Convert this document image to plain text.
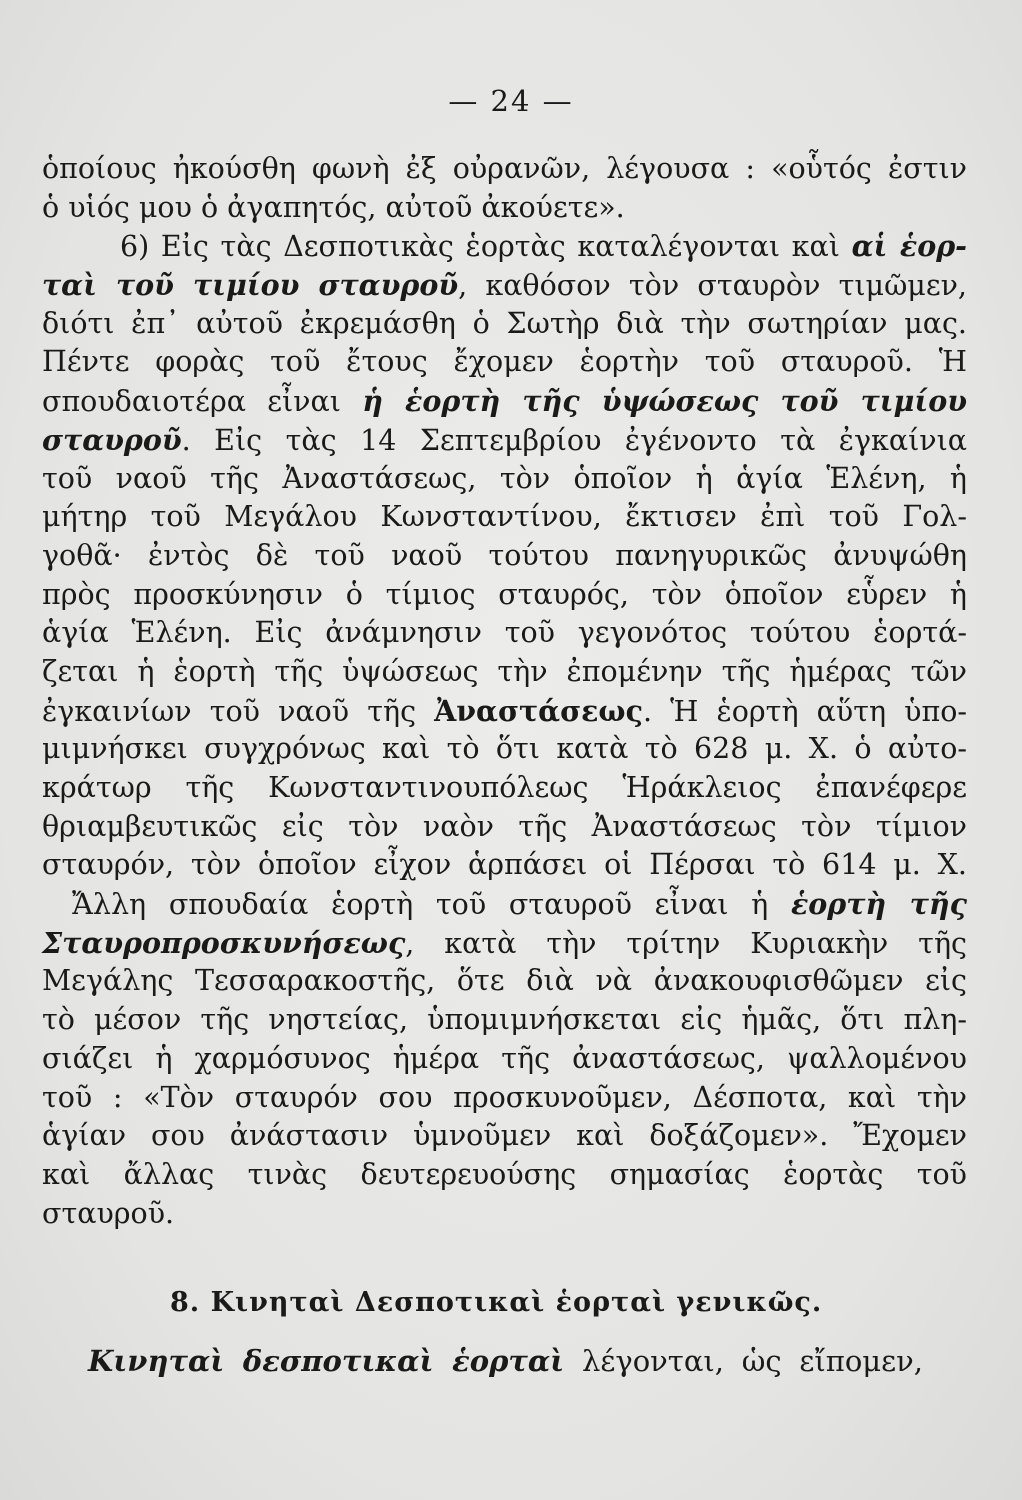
— 24 —
ὁποίους ἠκούσθη φωνὴ ἐξ οὐρανῶν, λέγουσα : «οὗτός ἐστιν
ὁ υἱός μου ὁ ἀγαπητός, αὐτοῦ ἀκούετε».
6) Εἰς τὰς Δεσποτικὰς ἑορτὰς καταλέγονται καὶ αἱ ἑορ-
ταὶ τοῦ τιμίου σταυροῦ, καθόσον τὸν σταυρὸν τιμῶμεν,
διότι ἐπ᾽ αὐτοῦ ἐκρεμάσθη ὁ Σωτὴρ διὰ τὴν σωτηρίαν μας.
Πέντε φορὰς τοῦ ἔτους ἔχομεν ἑορτὴν τοῦ σταυροῦ. Ἡ
σπουδαιοτέρα εἶναι ἡ ἑορτὴ τῆς ὑψώσεως τοῦ τιμίου
σταυροῦ. Εἰς τὰς 14 Σεπτεμβρίου ἐγένοντο τὰ ἐγκαίνια
τοῦ ναοῦ τῆς Ἀναστάσεως, τὸν ὁποῖον ἡ ἁγία Ἑλένη, ἡ
μήτηρ τοῦ Μεγάλου Κωνσταντίνου, ἔκτισεν ἐπὶ τοῦ Γολ-
γοθᾶ· ἐντὸς δὲ τοῦ ναοῦ τούτου πανηγυρικῶς ἀνυψώθη
πρὸς προσκύνησιν ὁ τίμιος σταυρός, τὸν ὁποῖον εὗρεν ἡ
ἁγία Ἑλένη. Εἰς ἀνάμνησιν τοῦ γεγονότος τούτου ἑορτά-
ζεται ἡ ἑορτὴ τῆς ὑψώσεως τὴν ἐπομένην τῆς ἡμέρας τῶν
ἐγκαινίων τοῦ ναοῦ τῆς Ἀναστάσεως. Ἡ ἑορτὴ αὕτη ὑπο-
μιμνήσκει συγχρόνως καὶ τὸ ὅτι κατὰ τὸ 628 μ. Χ. ὁ αὐτο-
κράτωρ τῆς Κωνσταντινουπόλεως Ἡράκλειος ἐπανέφερε
θριαμβευτικῶς εἰς τὸν ναὸν τῆς Ἀναστάσεως τὸν τίμιον
σταυρόν, τὸν ὁποῖον εἶχον ἁρπάσει οἱ Πέρσαι τὸ 614 μ. Χ.
Ἄλλη σπουδαία ἑορτὴ τοῦ σταυροῦ εἶναι ἡ ἑορτὴ τῆς
Σταυροπροσκυνήσεως, κατὰ τὴν τρίτην Κυριακὴν τῆς
Μεγάλης Τεσσαρακοστῆς, ὅτε διὰ νὰ ἀνακουφισθῶμεν εἰς
τὸ μέσον τῆς νηστείας, ὑπομιμνήσκεται εἰς ἡμᾶς, ὅτι πλη-
σιάζει ἡ χαρμόσυνος ἡμέρα τῆς ἀναστάσεως, ψαλλομένου
τοῦ : «Τὸν σταυρόν σου προσκυνοῦμεν, Δέσποτα, καὶ τὴν
ἁγίαν σου ἀνάστασιν ὑμνοῦμεν καὶ δοξάζομεν». Ἔχομεν
καὶ ἄλλας τινὰς δευτερευούσης σημασίας ἑορτὰς τοῦ
σταυροῦ.
8. Κινηταὶ Δεσποτικαὶ ἑορταὶ γενικῶς.
Κινηταὶ δεσποτικαὶ ἑορταὶ λέγονται, ὡς εἴπομεν,
